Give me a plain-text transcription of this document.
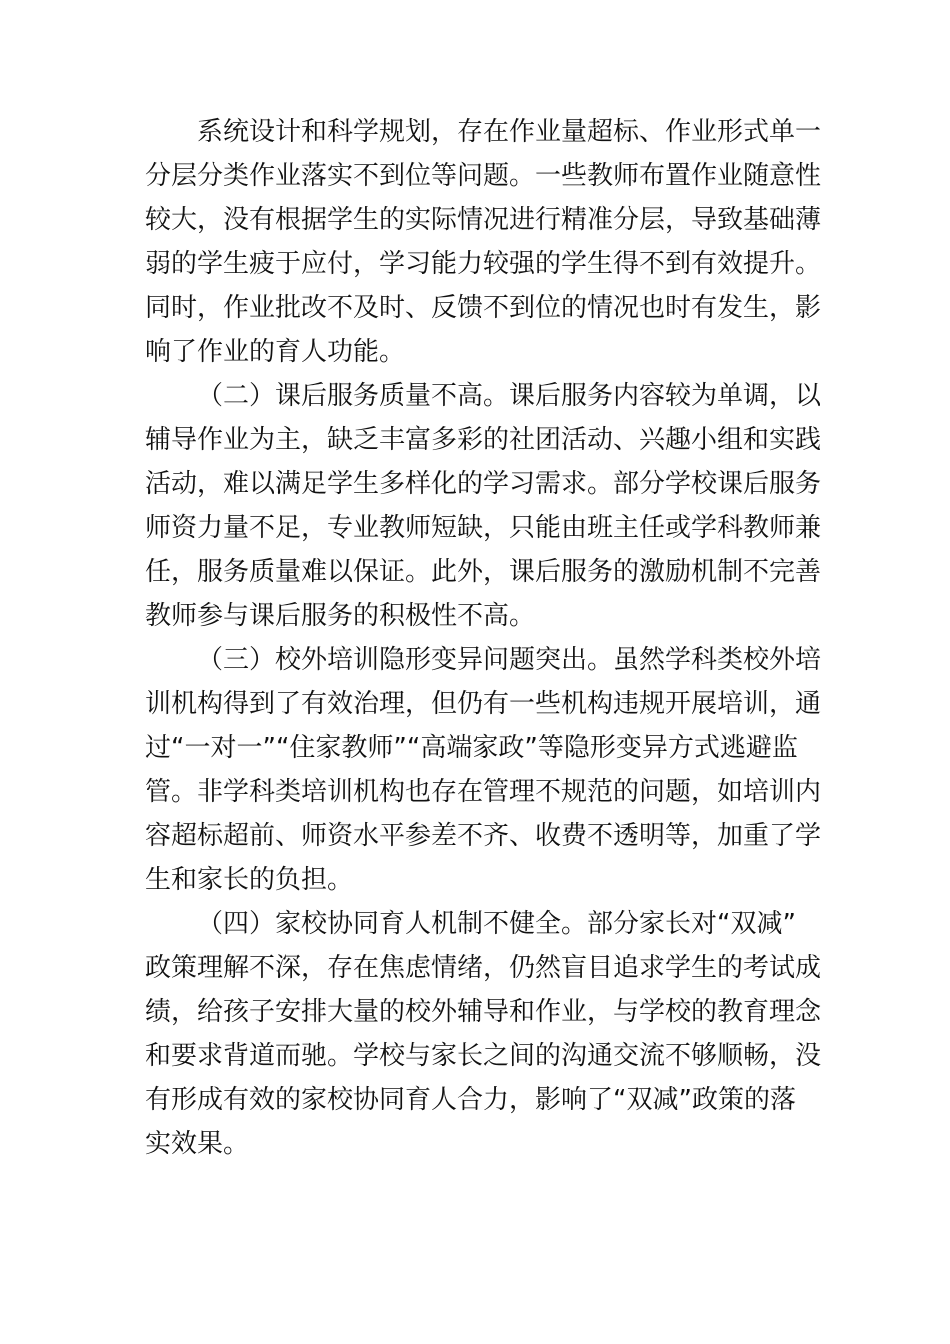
系统设计和科学规划，存在作业量超标、作业形式单一
分层分类作业落实不到位等问题。一些教师布置作业随意性
较大，没有根据学生的实际情况进行精准分层，导致基础薄
弱的学生疲于应付，学习能力较强的学生得不到有效提升。
同时，作业批改不及时、反馈不到位的情况也时有发生，影
响了作业的育人功能。
（二）课后服务质量不高。课后服务内容较为单调，以
辅导作业为主，缺乏丰富多彩的社团活动、兴趣小组和实践
活动，难以满足学生多样化的学习需求。部分学校课后服务
师资力量不足，专业教师短缺，只能由班主任或学科教师兼
任，服务质量难以保证。此外，课后服务的激励机制不完善
教师参与课后服务的积极性不高。
（三）校外培训隐形变异问题突出。虽然学科类校外培
训机构得到了有效治理，但仍有一些机构违规开展培训，通
过“一对一”“住家教师”“高端家政”等隐形变异方式逃避监
管。非学科类培训机构也存在管理不规范的问题，如培训内
容超标超前、师资水平参差不齐、收费不透明等，加重了学
生和家长的负担。
（四）家校协同育人机制不健全。部分家长对“双减”
政策理解不深，存在焦虑情绪，仍然盲目追求学生的考试成
绩，给孩子安排大量的校外辅导和作业，与学校的教育理念
和要求背道而驰。学校与家长之间的沟通交流不够顺畅，没
有形成有效的家校协同育人合力，影响了“双减”政策的落
实效果。
